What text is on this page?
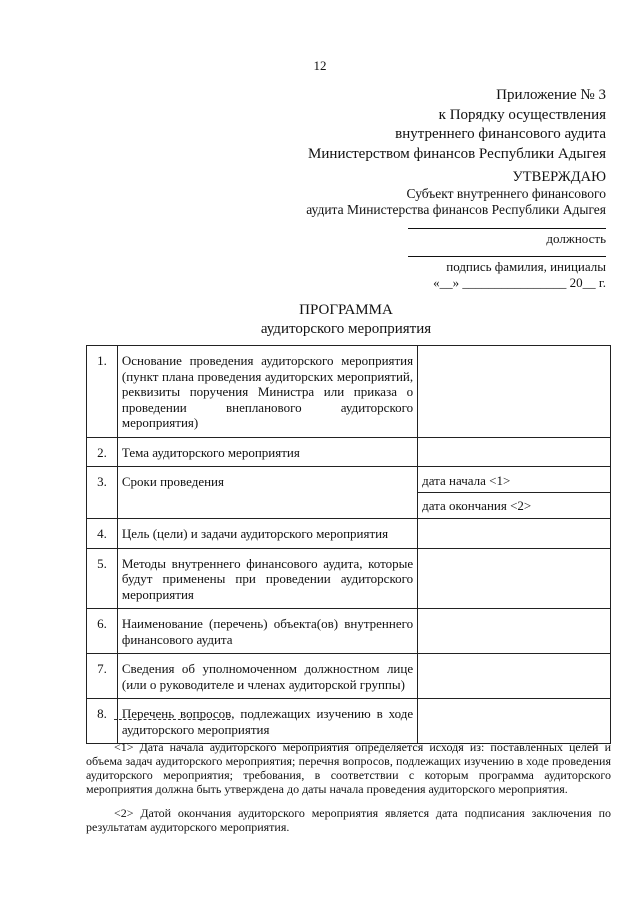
12
Приложение № 3
к Порядку осуществления
внутреннего финансового аудита
Министерством финансов Республики Адыгея
УТВЕРЖДАЮ
Субъект внутреннего финансового
аудита Министерства финансов Республики Адыгея
должность
подпись фамилия, инициалы
«__» ________________ 20__ г.
ПРОГРАММА
аудиторского мероприятия
1.	Основание проведения аудиторского мероприятия (пункт плана проведения аудиторских мероприятий, реквизиты поручения Министра или приказа о проведении внепланового аудиторского мероприятия)	
2.	Тема аудиторского мероприятия	
3.	Сроки проведения	дата начала <1>
		дата окончания <2>
4.	Цель (цели) и задачи аудиторского мероприятия	
5.	Методы внутреннего финансового аудита, которые будут применены при проведении аудиторского мероприятия	
6.	Наименование (перечень) объекта(ов) внутреннего финансового аудита	
7.	Сведения об уполномоченном должностном лице (или о руководителе и членах аудиторской группы)	
8.	Перечень вопросов, подлежащих изучению в ходе аудиторского мероприятия	
<1> Дата начала аудиторского мероприятия определяется исходя из: поставленных целей и объема задач аудиторского мероприятия; перечня вопросов, подлежащих изучению в ходе проведения аудиторского мероприятия; требования, в соответствии с которым программа аудиторского мероприятия должна быть утверждена до даты начала проведения аудиторского мероприятия.
<2> Датой окончания аудиторского мероприятия является дата подписания заключения по результатам аудиторского мероприятия.
